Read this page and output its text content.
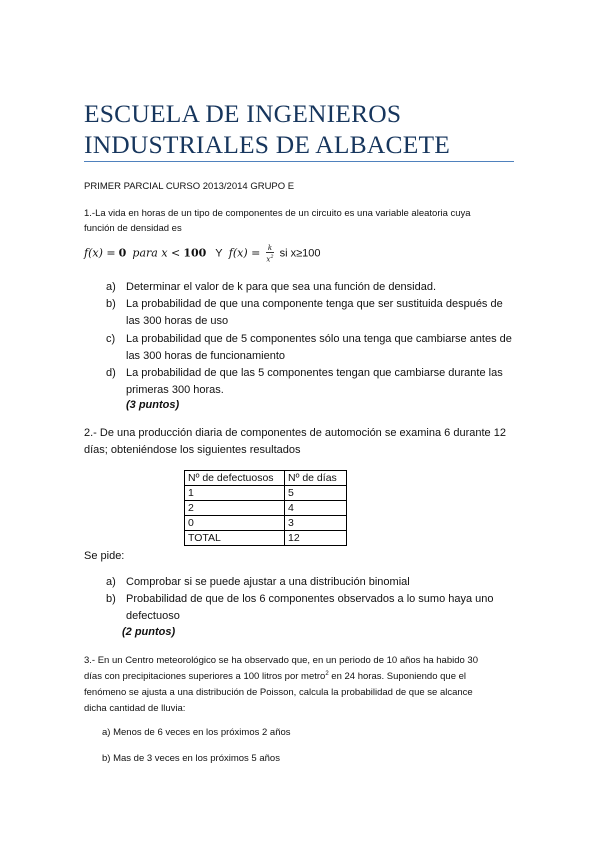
ESCUELA DE INGENIEROS
INDUSTRIALES DE ALBACETE
PRIMER PARCIAL CURSO 2013/2014 GRUPO E
1.-La vida en horas de un tipo de componentes de un circuito es una variable aleatoria cuya
función de densidad es
f(x) = 0 para x < 100 Y $f(x) = \frac{k}{x^2}$ si x≥100
a) Determinar el valor de k para que sea una función de densidad.
b) La probabilidad de que una componente tenga que ser sustituida después de
las 300 horas de uso
c) La probabilidad que de 5 componentes sólo una tenga que cambiarse antes de
las 300 horas de funcionamiento
d) La probabilidad de que las 5 componentes tengan que cambiarse durante las
primeras 300 horas.
(3 puntos)
2.- De una producción diaria de componentes de automoción se examina 6 durante 12
días; obteniéndose los siguientes resultados
Nº de defectuosos	Nº de días
1	5
2	4
0	3
TOTAL	12
Se pide:
a) Comprobar si se puede ajustar a una distribución binomial
b) Probabilidad de que de los 6 componentes observados a lo sumo haya uno
defectuoso
(2 puntos)
3.- En un Centro meteorológico se ha observado que, en un periodo de 10 años ha habido 30
días con precipitaciones superiores a 100 litros por metro$^2$ en 24 horas. Suponiendo que el
fenómeno se ajusta a una distribución de Poisson, calcula la probabilidad de que se alcance
dicha cantidad de lluvia:
a) Menos de 6 veces en los próximos 2 años
b) Mas de 3 veces en los próximos 5 años
